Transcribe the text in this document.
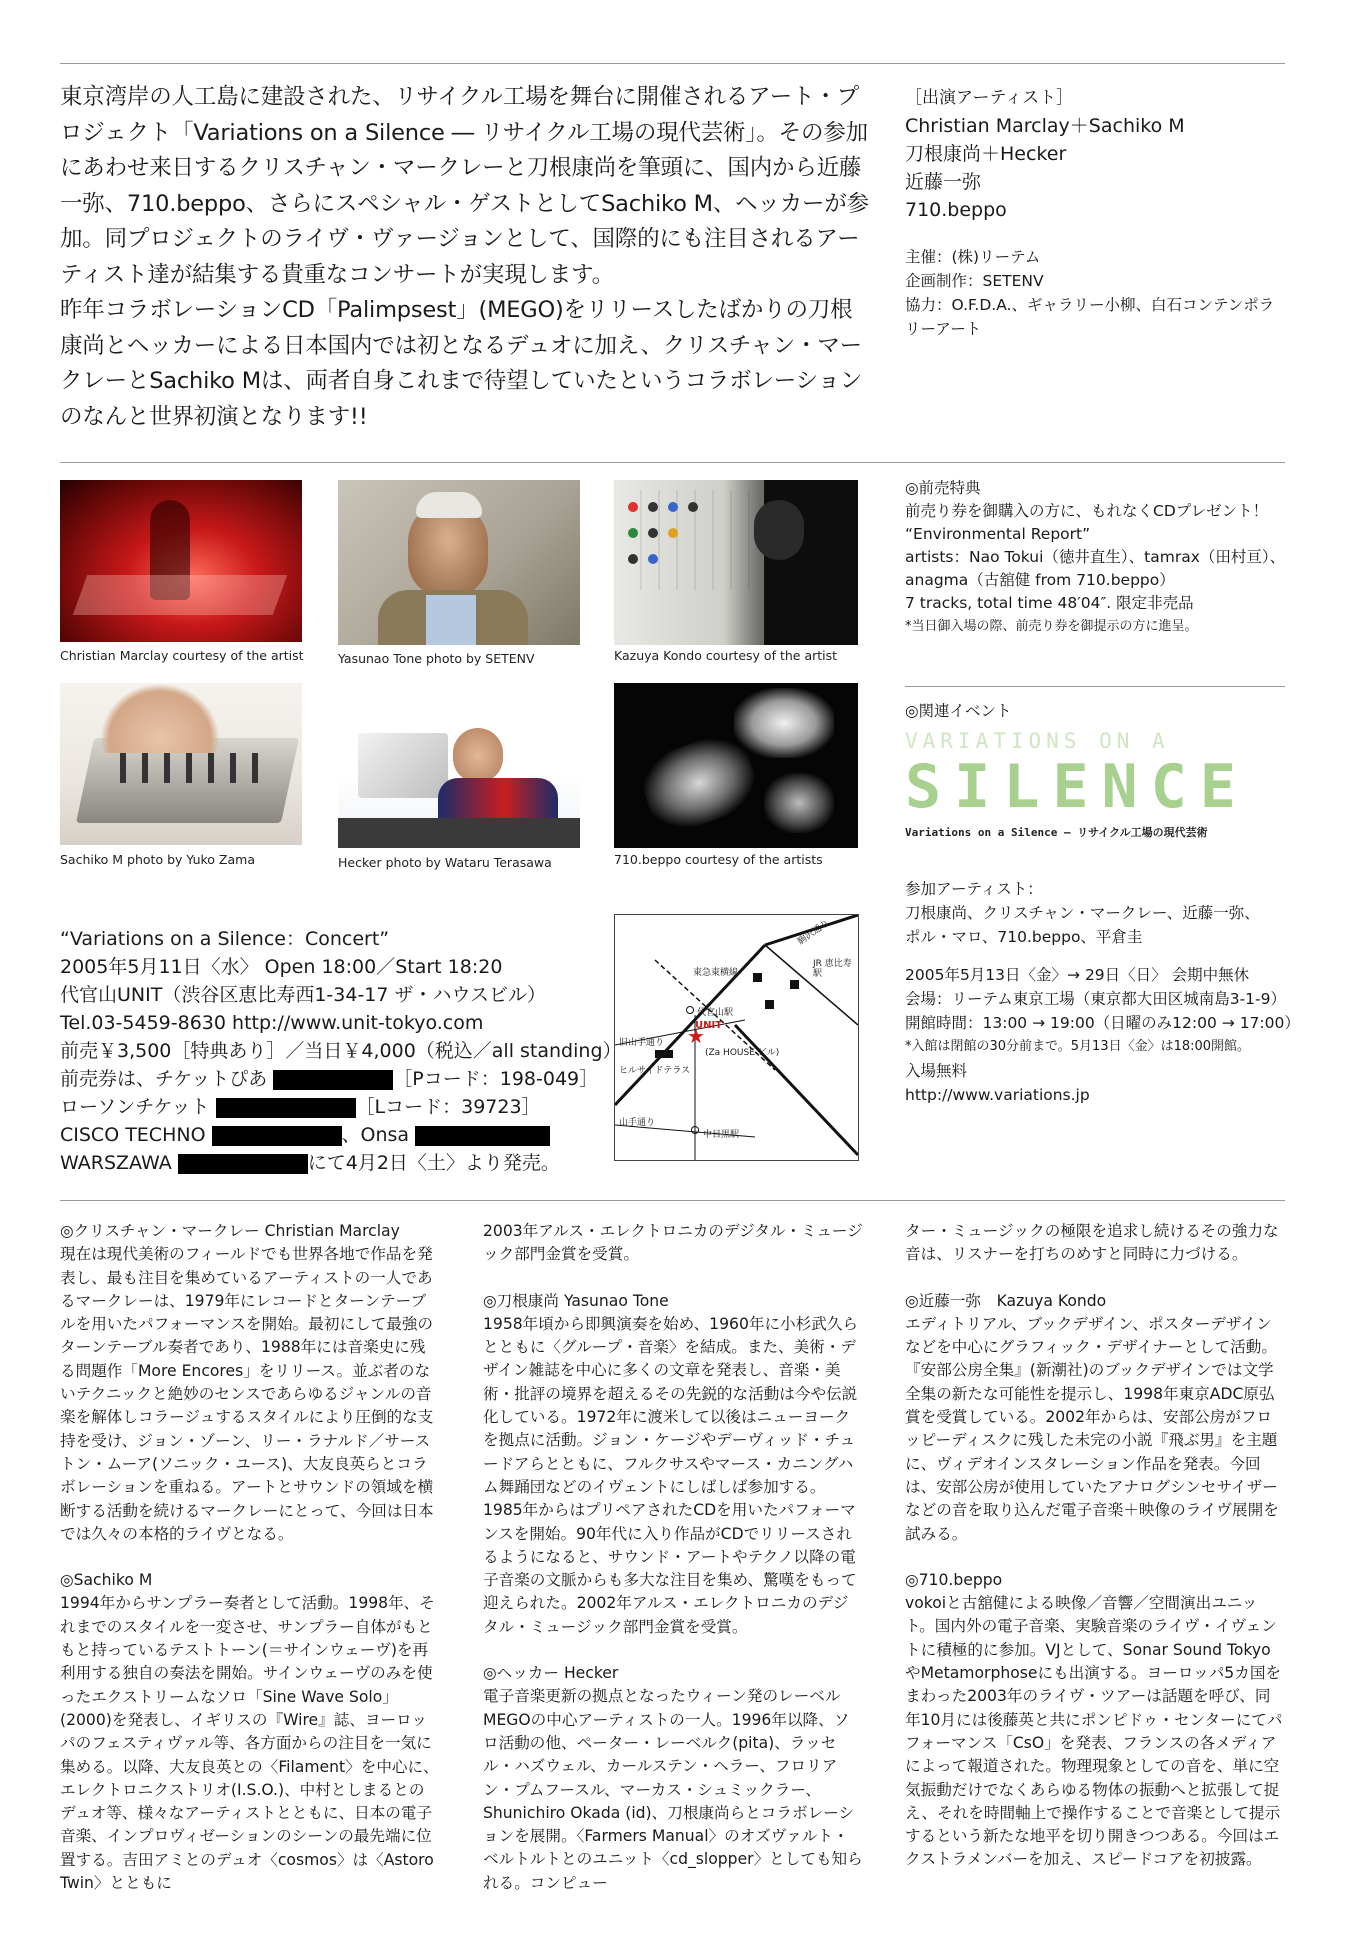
東京湾岸の人工島に建設された、リサイクル工場を舞台に開催されるアート・プロジェクト「Variations on a Silence ― リサイクル工場の現代芸術」。その参加にあわせ来日するクリスチャン・マークレーと刀根康尚を筆頭に、国内から近藤一弥、710.beppo、さらにスペシャル・ゲストとしてSachiko M、ヘッカーが参加。同プロジェクトのライヴ・ヴァージョンとして、国際的にも注目されるアーティスト達が結集する貴重なコンサートが実現します。

昨年コラボレーションCD「Palimpsest」(MEGO)をリリースしたばかりの刀根康尚とヘッカーによる日本国内では初となるデュオに加え、クリスチャン・マークレーとSachiko Mは、両者自身これまで待望していたというコラボレーションのなんと世界初演となります!!

［出演アーティスト］

Christian Marclay＋Sachiko M

刀根康尚＋Hecker

近藤一弥

710.beppo

主催：(株)リーテム

企画制作：SETENV

協力：O.F.D.A.、ギャラリー小柳、白石コンテンポラリーアート

Christian Marclay courtesy of the artist	Yasunao Tone photo by SETENV	Kazuya Kondo courtesy of the artist
Sachiko M photo by Yuko Zama	Hecker photo by Wataru Terasawa	710.beppo courtesy of the artists

◎前売特典

前売り券を御購入の方に、もれなくCDプレゼント！

“Environmental Report”

artists：Nao Tokui（徳井直生）、tamrax（田村亘）、

anagma（古舘健 from 710.beppo）

7 tracks, total time 48′04″. 限定非売品

*当日御入場の際、前売り券を御提示の方に進呈。

◎関連イベント

VARIATIONS ON A
SILENCE
Variations on a Silence ― リサイクル工場の現代芸術

参加アーティスト：

刀根康尚、クリスチャン・マークレー、近藤一弥、

ポル・マロ、710.beppo、平倉圭

2005年5月13日〈金〉→ 29日〈日〉 会期中無休

会場：リーテム東京工場（東京都大田区城南島3-1-9）

開館時間：13:00 → 19:00（日曜のみ12:00 → 17:00）

*入館は閉館の30分前まで。5月13日〈金〉は18:00開館。

入場無料

http://www.variations.jp

“Variations on a Silence：Concert”

2005年5月11日〈水〉 Open 18:00／Start 18:20

代官山UNIT（渋谷区恵比寿西1-34-17 ザ・ハウスビル）

Tel.03-5459-8630 http://www.unit-tokyo.com

前売￥3,500［特典あり］／当日￥4,000（税込／all standing）

前売券は、チケットぴあ	［Pコード：198-049］

ローソンチケット	［Lコード：39723］

CISCO TECHNO	、Onsa

WARSZAWA	にて4月2日〈土〉より発売。

★
駒沢通り
JR 恵比寿駅
東急東横線
代官山駅
UNIT
旧山手通り
(Za HOUSE ビル)
ヒルサイドテラス
山手通り
中目黒駅

◎クリスチャン・マークレー Christian Marclay

現在は現代美術のフィールドでも世界各地で作品を発表し、最も注目を集めているアーティストの一人であるマークレーは、1979年にレコードとターンテーブルを用いたパフォーマンスを開始。最初にして最強のターンテーブル奏者であり、1988年には音楽史に残る問題作「More Encores」をリリース。並ぶ者のないテクニックと絶妙のセンスであらゆるジャンルの音楽を解体しコラージュするスタイルにより圧倒的な支持を受け、ジョン・ゾーン、リー・ラナルド／サーストン・ムーア(ソニック・ユース)、大友良英らとコラボレーションを重ねる。アートとサウンドの領域を横断する活動を続けるマークレーにとって、今回は日本では久々の本格的ライヴとなる。

◎Sachiko M

1994年からサンプラー奏者として活動。1998年、それまでのスタイルを一変させ、サンプラー自体がもともと持っているテストトーン(＝サインウェーヴ)を再利用する独自の奏法を開始。サインウェーヴのみを使ったエクストリームなソロ「Sine Wave Solo」(2000)を発表し、イギリスの『Wire』誌、ヨーロッパのフェスティヴァル等、各方面からの注目を一気に集める。以降、大友良英との〈Filament〉を中心に、エレクトロニクストリオ(I.S.O.)、中村としまるとのデュオ等、様々なアーティストとともに、日本の電子音楽、インプロヴィゼーションのシーンの最先端に位置する。吉田アミとのデュオ〈cosmos〉は〈Astoro Twin〉とともに

2003年アルス・エレクトロニカのデジタル・ミュージック部門金賞を受賞。

◎刀根康尚 Yasunao Tone

1958年頃から即興演奏を始め、1960年に小杉武久らとともに〈グループ・音楽〉を結成。また、美術・デザイン雑誌を中心に多くの文章を発表し、音楽・美術・批評の境界を超えるその先鋭的な活動は今や伝説化している。1972年に渡米して以後はニューヨークを拠点に活動。ジョン・ケージやデーヴィッド・チュードアらとともに、フルクサスやマース・カニングハム舞踊団などのイヴェントにしばしば参加する。1985年からはプリペアされたCDを用いたパフォーマンスを開始。90年代に入り作品がCDでリリースされるようになると、サウンド・アートやテクノ以降の電子音楽の文脈からも多大な注目を集め、驚嘆をもって迎えられた。2002年アルス・エレクトロニカのデジタル・ミュージック部門金賞を受賞。

◎ヘッカー Hecker

電子音楽更新の拠点となったウィーン発のレーベルMEGOの中心アーティストの一人。1996年以降、ソロ活動の他、ペーター・レーベルク(pita)、ラッセル・ハズウェル、カールステン・ヘラー、フロリアン・プムフースル、マーカス・シュミックラー、Shunichiro Okada (id)、刀根康尚らとコラボレーションを展開。〈Farmers Manual〉のオズヴァルト・ベルトルトとのユニット〈cd_slopper〉としても知られる。コンピュー

ター・ミュージックの極限を追求し続けるその強力な音は、リスナーを打ちのめすと同時に力づける。

◎近藤一弥　Kazuya Kondo

エディトリアル、ブックデザイン、ポスターデザインなどを中心にグラフィック・デザイナーとして活動。『安部公房全集』(新潮社)のブックデザインでは文学全集の新たな可能性を提示し、1998年東京ADC原弘賞を受賞している。2002年からは、安部公房がフロッピーディスクに残した未完の小説『飛ぶ男』を主題に、ヴィデオインスタレーション作品を発表。今回は、安部公房が使用していたアナログシンセサイザーなどの音を取り込んだ電子音楽＋映像のライヴ展開を試みる。

◎710.beppo

vokoiと古舘健による映像／音響／空間演出ユニット。国内外の電子音楽、実験音楽のライヴ・イヴェントに積極的に参加。VJとして、Sonar Sound TokyoやMetamorphoseにも出演する。ヨーロッパ5カ国をまわった2003年のライヴ・ツアーは話題を呼び、同年10月には後藤英と共にポンピドゥ・センターにてパフォーマンス「CsO」を発表、フランスの各メディアによって報道された。物理現象としての音を、単に空気振動だけでなくあらゆる物体の振動へと拡張して捉え、それを時間軸上で操作することで音楽として提示するという新たな地平を切り開きつつある。今回はエクストラメンバーを加え、スピードコアを初披露。
